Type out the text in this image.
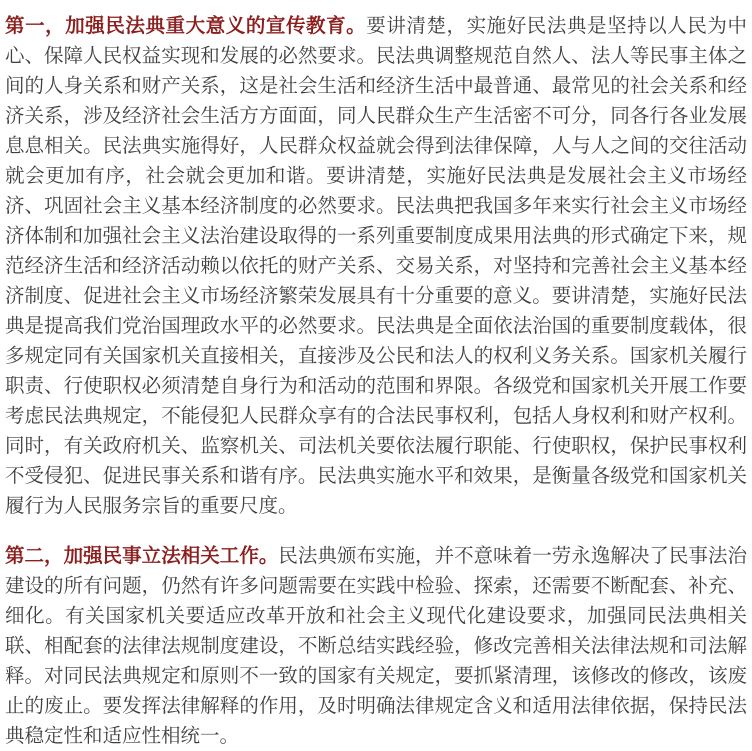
第一，加强民法典重大意义的宣传教育。要讲清楚，实施好民法典是坚持以人民为中心、保障人民权益实现和发展的必然要求。民法典调整规范自然人、法人等民事主体之间的人身关系和财产关系，这是社会生活和经济生活中最普通、最常见的社会关系和经济关系，涉及经济社会生活方方面面，同人民群众生产生活密不可分，同各行各业发展息息相关。民法典实施得好，人民群众权益就会得到法律保障，人与人之间的交往活动就会更加有序，社会就会更加和谐。要讲清楚，实施好民法典是发展社会主义市场经济、巩固社会主义基本经济制度的必然要求。民法典把我国多年来实行社会主义市场经济体制和加强社会主义法治建设取得的一系列重要制度成果用法典的形式确定下来，规范经济生活和经济活动赖以依托的财产关系、交易关系，对坚持和完善社会主义基本经济制度、促进社会主义市场经济繁荣发展具有十分重要的意义。要讲清楚，实施好民法典是提高我们党治国理政水平的必然要求。民法典是全面依法治国的重要制度载体，很多规定同有关国家机关直接相关，直接涉及公民和法人的权利义务关系。国家机关履行职责、行使职权必须清楚自身行为和活动的范围和界限。各级党和国家机关开展工作要考虑民法典规定，不能侵犯人民群众享有的合法民事权利，包括人身权利和财产权利。同时，有关政府机关、监察机关、司法机关要依法履行职能、行使职权，保护民事权利不受侵犯、促进民事关系和谐有序。民法典实施水平和效果，是衡量各级党和国家机关履行为人民服务宗旨的重要尺度。

第二，加强民事立法相关工作。民法典颁布实施，并不意味着一劳永逸解决了民事法治建设的所有问题，仍然有许多问题需要在实践中检验、探索，还需要不断配套、补充、细化。有关国家机关要适应改革开放和社会主义现代化建设要求，加强同民法典相关联、相配套的法律法规制度建设，不断总结实践经验，修改完善相关法律法规和司法解释。对同民法典规定和原则不一致的国家有关规定，要抓紧清理，该修改的修改，该废止的废止。要发挥法律解释的作用，及时明确法律规定含义和适用法律依据，保持民法典稳定性和适应性相统一。
